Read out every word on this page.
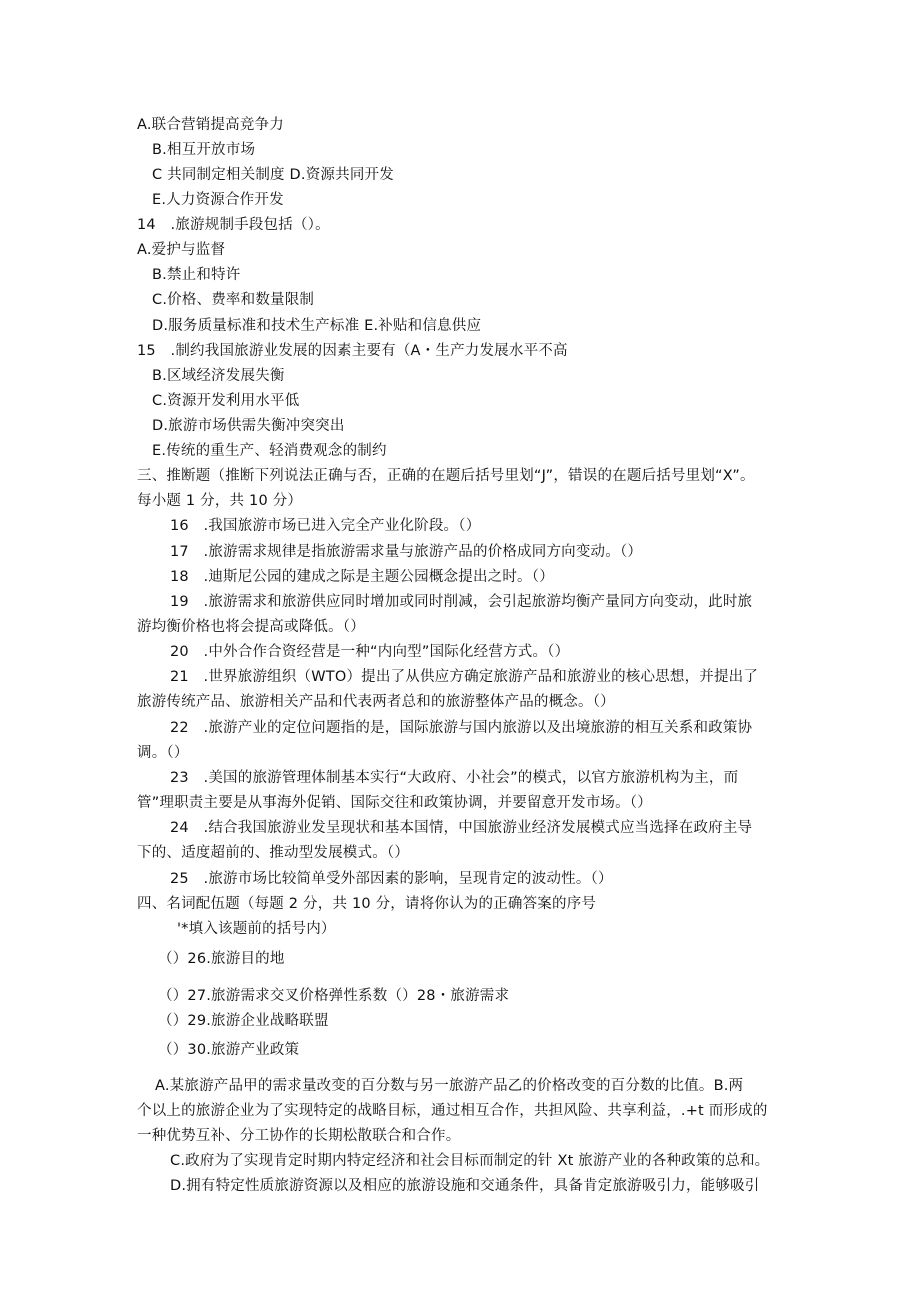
A.联合营销提高竞争力
B.相互开放市场
C 共同制定相关制度 D.资源共同开发
E.人力资源合作开发
14　.旅游规制手段包括（）。
A.爱护与监督
B.禁止和特许
C.价格、费率和数量限制
D.服务质量标准和技术生产标准 E.补贴和信息供应
15　.制约我国旅游业发展的因素主要有（A・生产力发展水平不高
B.区域经济发展失衡
C.资源开发利用水平低
D.旅游市场供需失衡冲突突出
E.传统的重生产、轻消费观念的制约
三、推断题（推断下列说法正确与否，正确的在题后括号里划“J”，错误的在题后括号里划“X”。
每小题 1 分，共 10 分）
16　.我国旅游市场已进入完全产业化阶段。（）
17　.旅游需求规律是指旅游需求量与旅游产品的价格成同方向变动。（）
18　.迪斯尼公园的建成之际是主题公园概念提出之时。（）
19　.旅游需求和旅游供应同时增加或同时削减，会引起旅游均衡产量同方向变动，此时旅
游均衡价格也将会提高或降低。（）
20　.中外合作合资经营是一种“内向型”国际化经营方式。（）
21　.世界旅游组织（WTO）提出了从供应方确定旅游产品和旅游业的核心思想，并提出了
旅游传统产品、旅游相关产品和代表两者总和的旅游整体产品的概念。（）
22　.旅游产业的定位问题指的是，国际旅游与国内旅游以及出境旅游的相互关系和政策协
调。（）
23　.美国的旅游管理体制基本实行“大政府、小社会”的模式，以官方旅游机构为主，而
管”理职责主要是从事海外促销、国际交往和政策协调，并要留意开发市场。（）
24　.结合我国旅游业发呈现状和基本国情，中国旅游业经济发展模式应当选择在政府主导
下的、适度超前的、推动型发展模式。（）
25　.旅游市场比较简单受外部因素的影响，呈现肯定的波动性。（）
四、名词配伍题（每题 2 分，共 10 分，请将你认为的正确答案的序号
'*填入该题前的括号内）
（）26.旅游目的地
（）27.旅游需求交叉价格弹性系数（）28・旅游需求
（）29.旅游企业战略联盟
（）30.旅游产业政策
A.某旅游产品甲的需求量改变的百分数与另一旅游产品乙的价格改变的百分数的比值。B.两
个以上的旅游企业为了实现特定的战略目标，通过相互合作，共担风险、共享利益，.+t 而形成的
一种优势互补、分工协作的长期松散联合和合作。
C.政府为了实现肯定时期内特定经济和社会目标而制定的针 Xt 旅游产业的各种政策的总和。
D.拥有特定性质旅游资源以及相应的旅游设施和交通条件，具备肯定旅游吸引力，能够吸引
